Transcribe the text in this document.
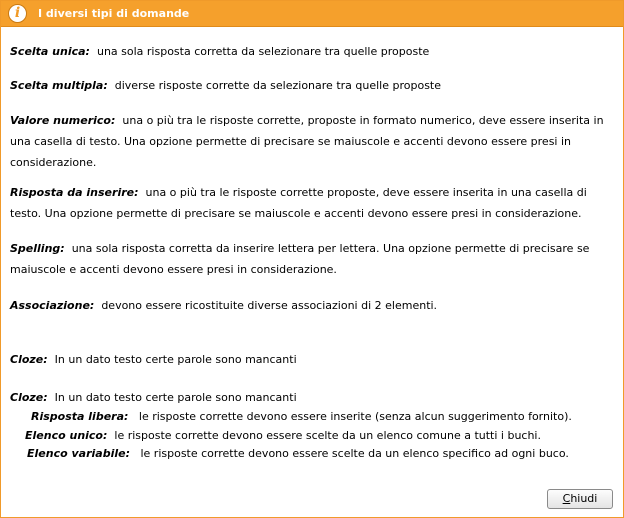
i	I diversi tipi di domande
Scelta unica: una sola risposta corretta da selezionare tra quelle proposte
Scelta multipla: diverse risposte corrette da selezionare tra quelle proposte
Valore numerico: una o più tra le risposte corrette, proposte in formato numerico, deve essere inserita in una casella di testo. Una opzione permette di precisare se maiuscole e accenti devono essere presi in considerazione.
Risposta da inserire: una o più tra le risposte corrette proposte, deve essere inserita in una casella di testo. Una opzione permette di precisare se maiuscole e accenti devono essere presi in considerazione.
Spelling: una sola risposta corretta da inserire lettera per lettera. Una opzione permette di precisare se maiuscole e accenti devono essere presi in considerazione.
Associazione: devono essere ricostituite diverse associazioni di 2 elementi.
Cloze: In un dato testo certe parole sono mancanti
Cloze: In un dato testo certe parole sono mancanti
Risposta libera: le risposte corrette devono essere inserite (senza alcun suggerimento fornito).
Elenco unico: le risposte corrette devono essere scelte da un elenco comune a tutti i buchi.
Elenco variabile: le risposte corrette devono essere scelte da un elenco specifico ad ogni buco.
Chiudi
